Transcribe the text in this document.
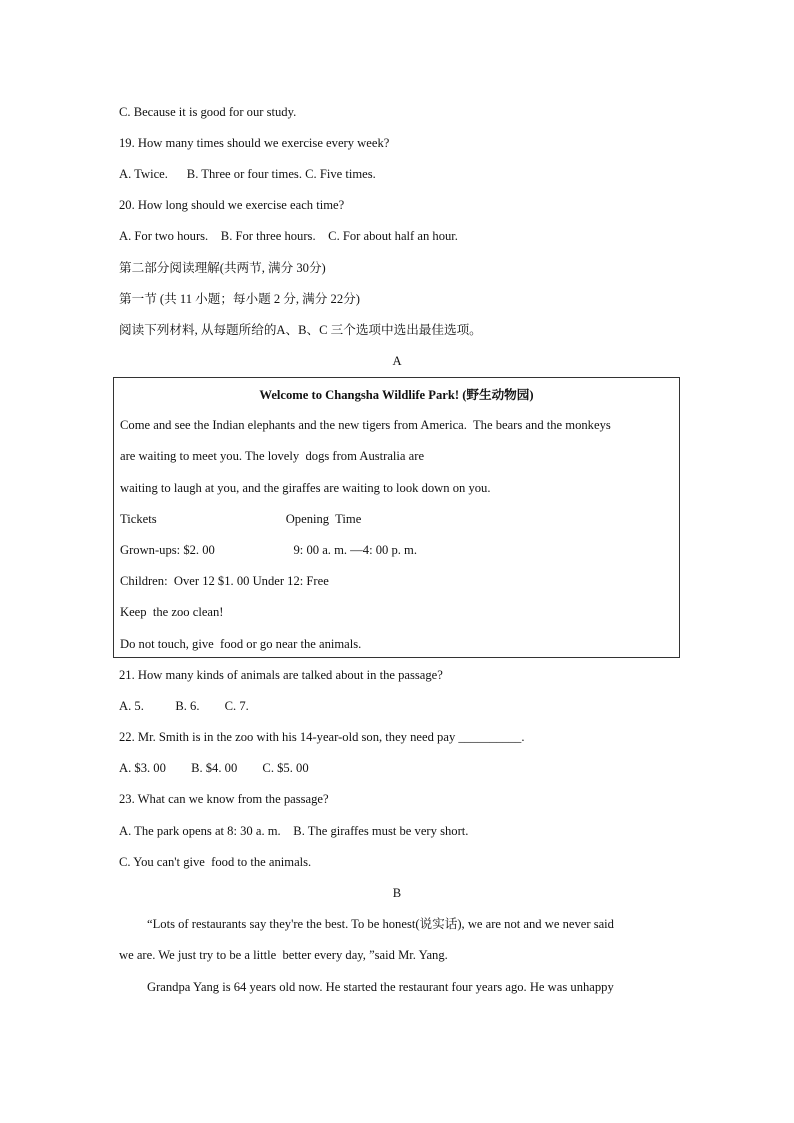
C. Because it is good for our study.
19. How many times should we exercise every week?
A. Twice.      B. Three or four times. C. Five times.
20. How long should we exercise each time?
A. For two hours.    B. For three hours.    C. For about half an hour.
第二部分阅读理解(共两节, 满分 30分)
第一节 (共 11 小题；每小题 2 分, 满分 22分)
阅读下列材料, 从每题所给的A、B、C 三个选项中选出最佳选项。
A
Welcome to Changsha Wildlife Park! (野生动物园)
Come and see the Indian elephants and the new tigers from America.  The bears and the monkeys
are waiting to meet you. The lovely  dogs from Australia are
waiting to laugh at you, and the giraffes are waiting to look down on you.
Tickets                                         Opening  Time
Grown-ups: $2. 00                         9: 00 a. m. —4: 00 p. m.
Children:  Over 12 $1. 00 Under 12: Free
Keep  the zoo clean!
Do not touch, give  food or go near the animals.
21. How many kinds of animals are talked about in the passage?
A. 5.          B. 6.        C. 7.
22. Mr. Smith is in the zoo with his 14-year-old son, they need pay __________.
A. $3. 00        B. $4. 00        C. $5. 00
23. What can we know from the passage?
A. The park opens at 8: 30 a. m.    B. The giraffes must be very short.
C. You can't give  food to the animals.
B
“Lots of restaurants say they're the best. To be honest(说实话), we are not and we never said
we are. We just try to be a little  better every day, ”said Mr. Yang.
Grandpa Yang is 64 years old now. He started the restaurant four years ago. He was unhappy
